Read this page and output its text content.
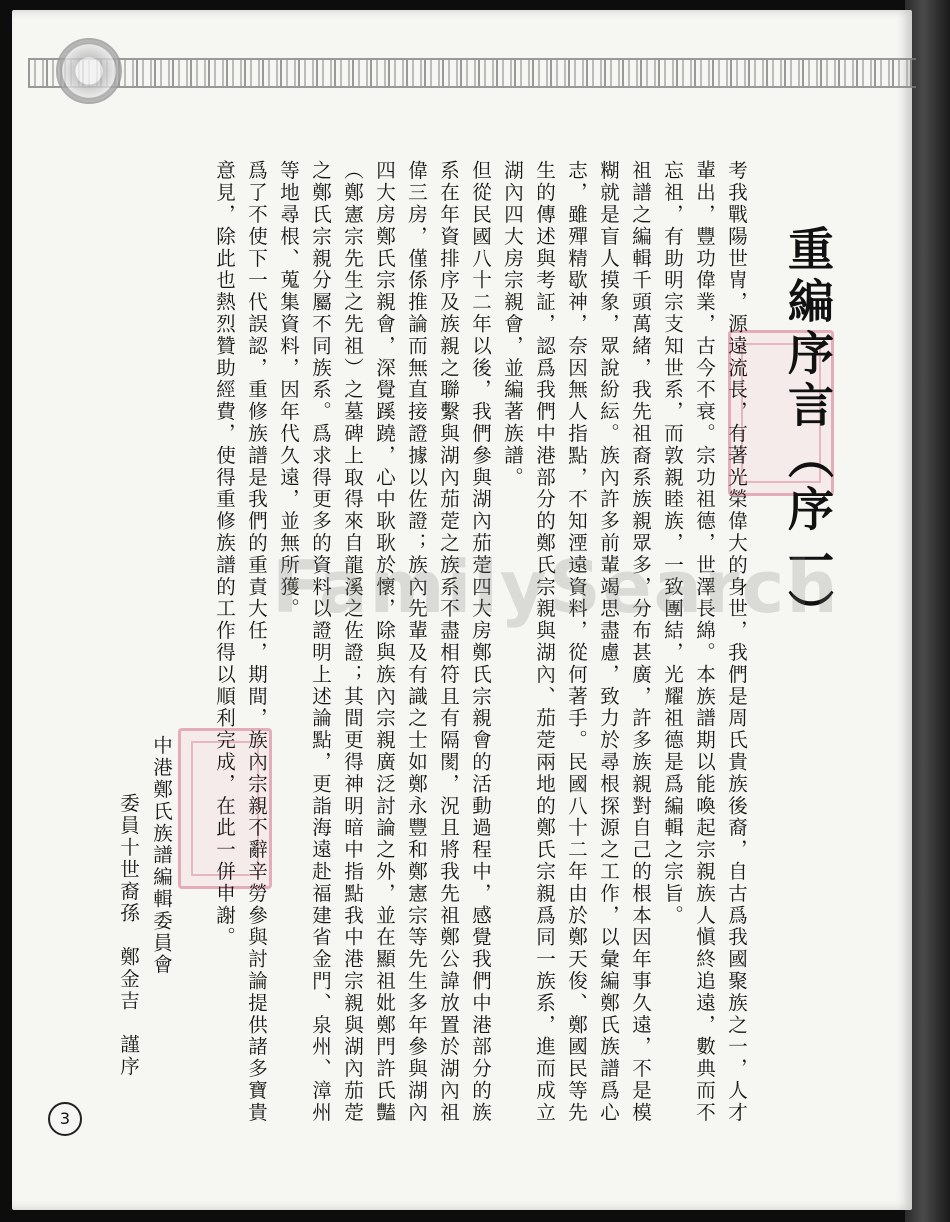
重編序言（序一）

考我戰陽世冑，源遠流長，有著光榮偉大的身世，我們是周氏貴族後裔，自古爲我國聚族之一，人才輩出，豐功偉業，古今不衰。宗功祖德，世澤長綿。本族譜期以能喚起宗親族人愼終追遠，數典而不忘祖，有助明宗支知世系，而敦親睦族，一致團結，光耀祖德是爲編輯之宗旨。

祖譜之編輯千頭萬緒，我先祖裔系族親眾多，分布甚廣，許多族親對自己的根本因年事久遠，不是模糊就是盲人摸象，眾說紛紜。族內許多前輩竭思盡慮，致力於尋根探源之工作，以彙編鄭氏族譜爲心志，雖殫精歇神，奈因無人指點，不知湮遠資料，從何著手。民國八十二年由於鄭天俊、鄭國民等先生的傳述與考証，認爲我們中港部分的鄭氏宗親與湖內、茄萣兩地的鄭氏宗親爲同一族系，進而成立湖內四大房宗親會，並編著族譜。

但從民國八十二年以後，我們參與湖內茄萣四大房鄭氏宗親會的活動過程中，感覺我們中港部分的族系在年資排序及族親之聯繫與湖內茄萣之族系不盡相符且有隔閡，況且將我先祖鄭公諱放置於湖內祖偉三房，僅係推論而無直接證據以佐證；族內先輩及有識之士如鄭永豐和鄭憲宗等先生多年參與湖內四大房鄭氏宗親會，深覺蹊蹺，心中耿耿於懷，除與族內宗親廣泛討論之外，並在顯祖妣鄭門許氏豔（鄭憲宗先生之先祖）之墓碑上取得來自龍溪之佐證；其間更得神明暗中指點我中港宗親與湖內茄萣之鄭氏宗親分屬不同族系。爲求得更多的資料以證明上述論點，更詣海遠赴福建省金門、泉州、漳州等地尋根、蒐集資料，因年代久遠，並無所獲。

爲了不使下一代誤認，重修族譜是我們的重責大任，期間，族內宗親不辭辛勞參與討論提供諸多寶貴意見，除此也熱烈贊助經費，使得重修族譜的工作得以順利完成，在此一併申謝。

中港鄭氏族譜編輯委員會
委員十世裔孫　鄭金吉　謹序
FamilySearch
3
